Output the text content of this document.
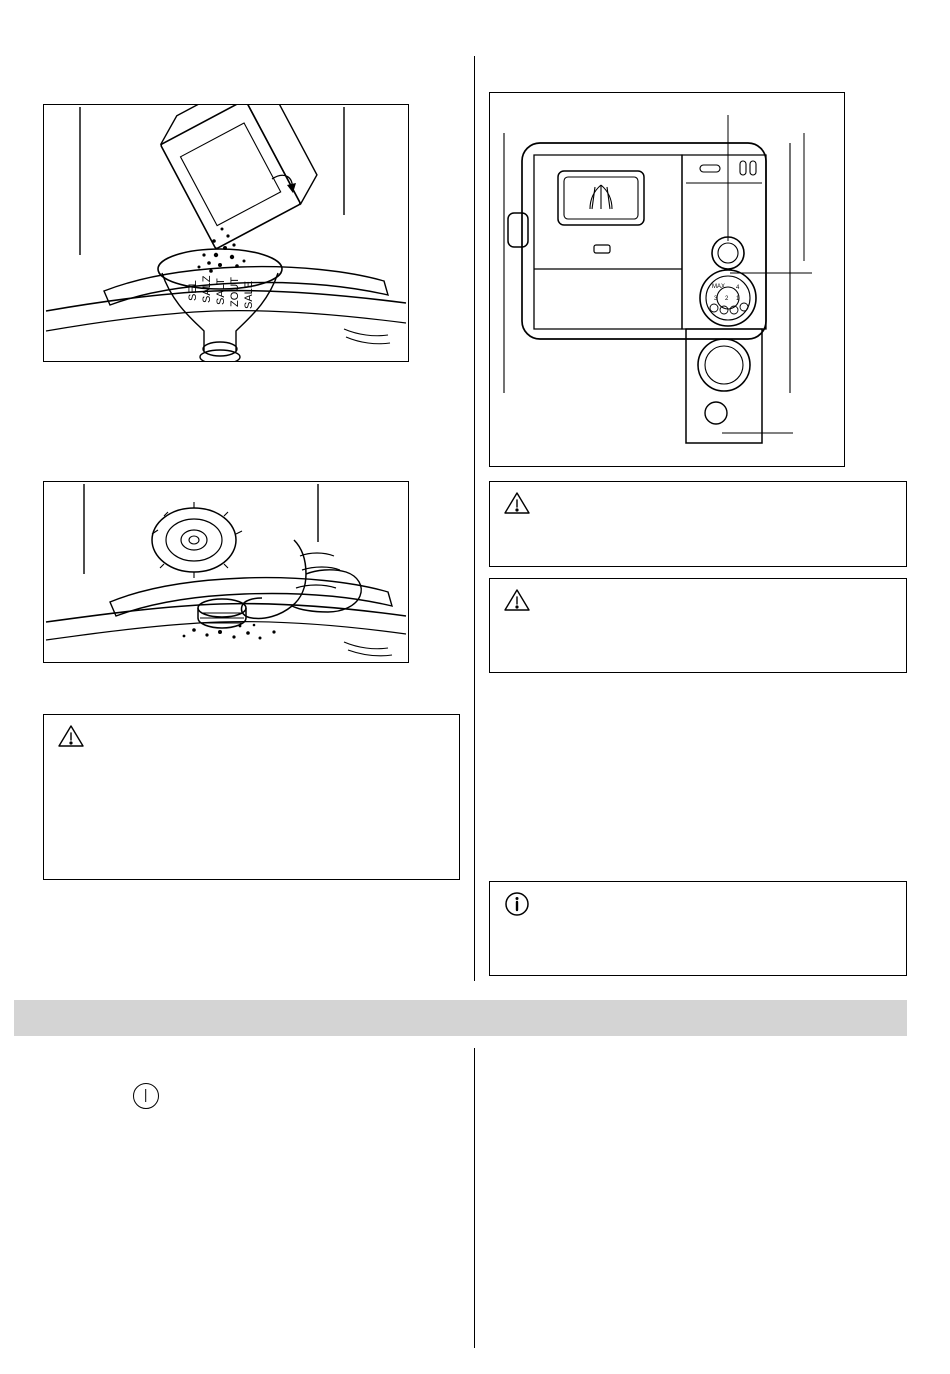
SEL SALZ SALT ZOUT SALE	MAX 4
3 2 1
